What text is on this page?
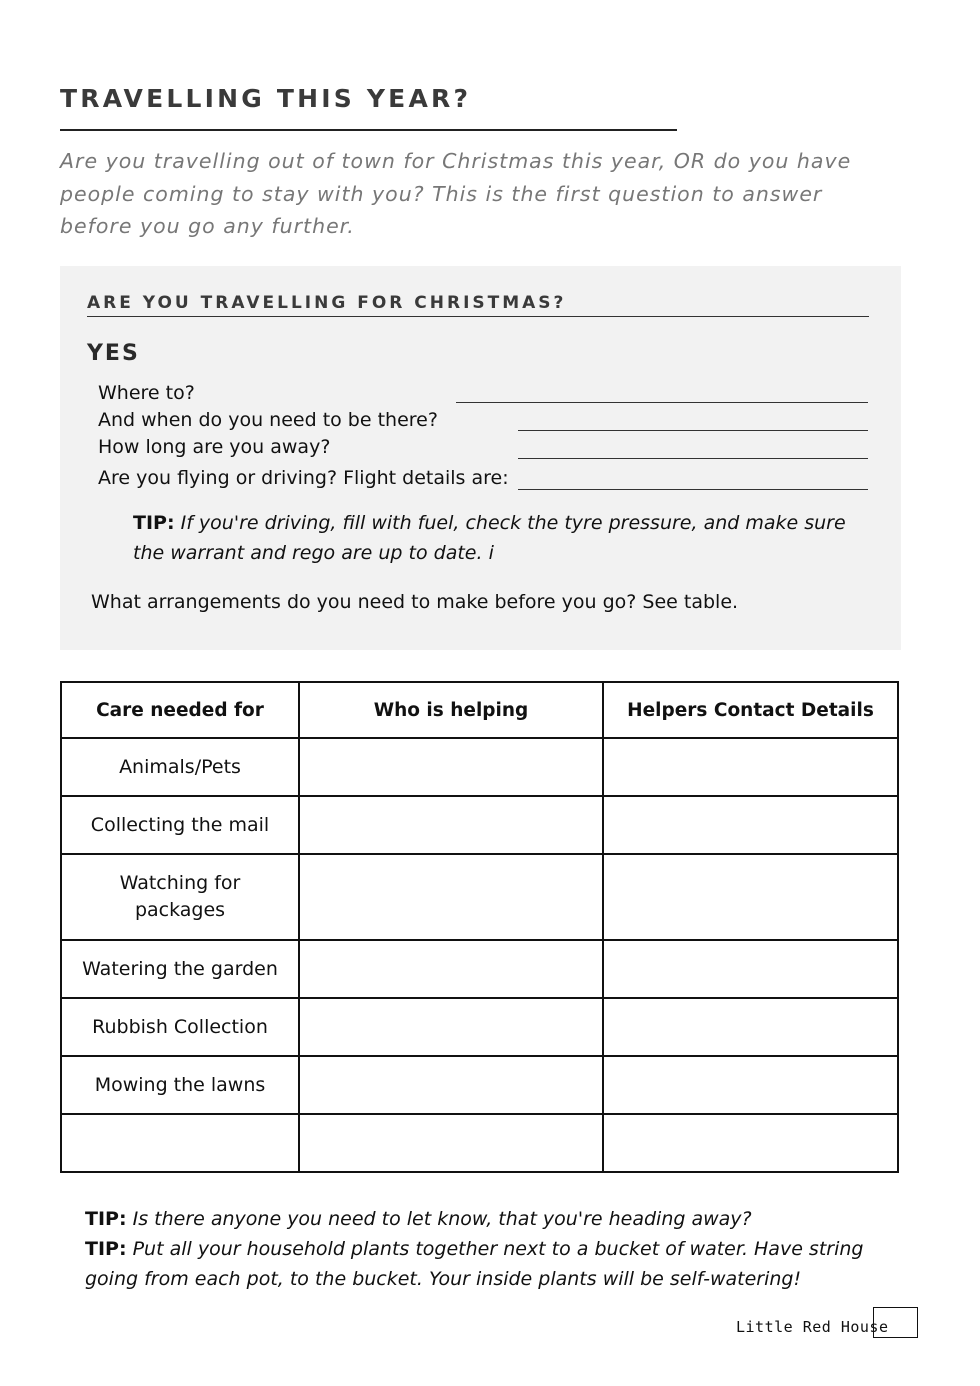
TRAVELLING THIS YEAR?
Are you travelling out of town for Christmas this year, OR do you have people coming to stay with you? This is the first question to answer before you go any further.
ARE YOU TRAVELLING FOR CHRISTMAS?
YES
Where to?
And when do you need to be there?
How long are you away?
Are you flying or driving? Flight details are:
TIP: If you're driving, fill with fuel, check the tyre pressure, and make sure the warrant and rego are up to date. i
What arrangements do you need to make before you go? See table.
Care needed for	Who is helping	Helpers Contact Details
Animals/Pets		
Collecting the mail		
Watching for packages		
Watering the garden		
Rubbish Collection		
Mowing the lawns		

TIP: Is there anyone you need to let know, that you're heading away?
TIP: Put all your household plants together next to a bucket of water. Have string going from each pot, to the bucket. Your inside plants will be self-watering!
Little Red House
